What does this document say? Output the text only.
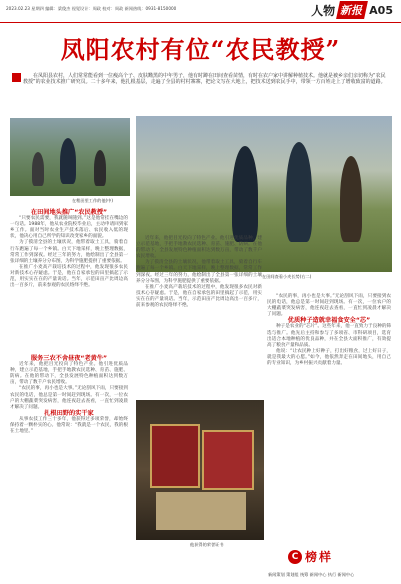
2023.02.23 星期四 编辑：梁俊杰 视觉设计：周政 校对：周政 新闻热线：0931-8150000	人物 新报 A05
凤阳农村有位“农民教授”
在凤阳县农村，人们常常能看到一位瘦高个子、皮肤黝黑的中年男子，他有时蹲在田间查看苗情，有时在农户家中讲解种植技术。他就是被乡亲们亲切称为“农民教授”的农业技术推广研究员。二十多年来，他扎根基层，走遍了全县的村村寨寨，把论文写在大地上，把技术送到农民手中，带领一方百姓走上了增收致富的道路。
在稻田里工作的他(中)
在田间查看小麦长势(右二)

在田间地头推广“农民教授”

“只要农民需要，我就随叫随到。”这是他常挂在嘴边的一句话。1988年，他从农业院校毕业后，主动申请回到家乡工作。面对当时农业生产技术落后、农民收入低的现状，他决心用自己所学的知识改变家乡的面貌。

为了摸清全县的土壤状况，他带着取土工具，骑着自行车跑遍了每一个乡镇。白天下地采样，晚上整理数据，常常工作到深夜。经过三年的努力，他绘制出了全县第一张详细的土壤养分分布图，为科学施肥提供了重要依据。

在推广小麦高产栽培技术的过程中，他发现很多农民对新技术心存疑虑。于是，他在自家承包的田里搞起了示范，用实实在在的产量说话。当年，示范田亩产比周边高出一百多斤，前来参观的农民络绎不绝。

服务三农不舍昼夜“老黄牛”

近年来，他把目光投向了特色产业。他引进优质品种，建立示范基地，手把手地教农民选种、育苗、施肥、防病。在他的带动下，全县发展特色种植面积达到数万亩，带动了数千户农民增收。

“农民的事，再小也是大事。”无论刮风下雨，只要接到农民的电话，他总是第一时间赶到现场。有一次，一位农户的大棚蔬菜突发病害，他连夜赶去查看，一直忙到凌晨才解决了问题。

扎根田野的实干家

从事农技工作三十多年，他获得过多项荣誉，却始终保持着一颗朴实的心。他常说：“我就是一个农民，我的根在土地里。”

近年来，他把目光投向了特色产业。他引进优质品种，建立示范基地，手把手地教农民选种、育苗、施肥、防病。在他的带动下，全县发展特色种植面积达到数万亩，带动了数千户农民增收。

为了摸清全县的土壤状况，他带着取土工具，骑着自行车跑遍了每一个乡镇。白天下地采样，晚上整理数据，常常工作到深夜。经过三年的努力，他绘制出了全县第一张详细的土壤养分分布图，为科学施肥提供了重要依据。

在推广小麦高产栽培技术的过程中，他发现很多农民对新技术心存疑虑。于是，他在自家承包的田里搞起了示范，用实实在在的产量说话。当年，示范田亩产比周边高出一百多斤，前来参观的农民络绎不绝。

他获得的荣誉证书

“农民的事，再小也是大事。”无论刮风下雨，只要接到农民的电话，他总是第一时间赶到现场。有一次，一位农户的大棚蔬菜突发病害，他连夜赶去查看，一直忙到凌晨才解决了问题。

优质种子造就幸福食安全“芯”

种子是农业的“芯片”。这些年来，他一直致力于良种的筛选与推广。他先后主持和参与了多项省、市科研项目，选育出适合本地种植的优良品种，并在全县大面积推广，有效提高了粮食产量和品质。

他说：“让农民种上好种子，打出好粮食，过上好日子，就是我最大的心愿。”如今，他依然奔走在田间地头，用自己的专业知识，为乡村振兴贡献着力量。

C 榜样
新闻策划 策划组 统筹 新闻中心 执行 新闻中心
